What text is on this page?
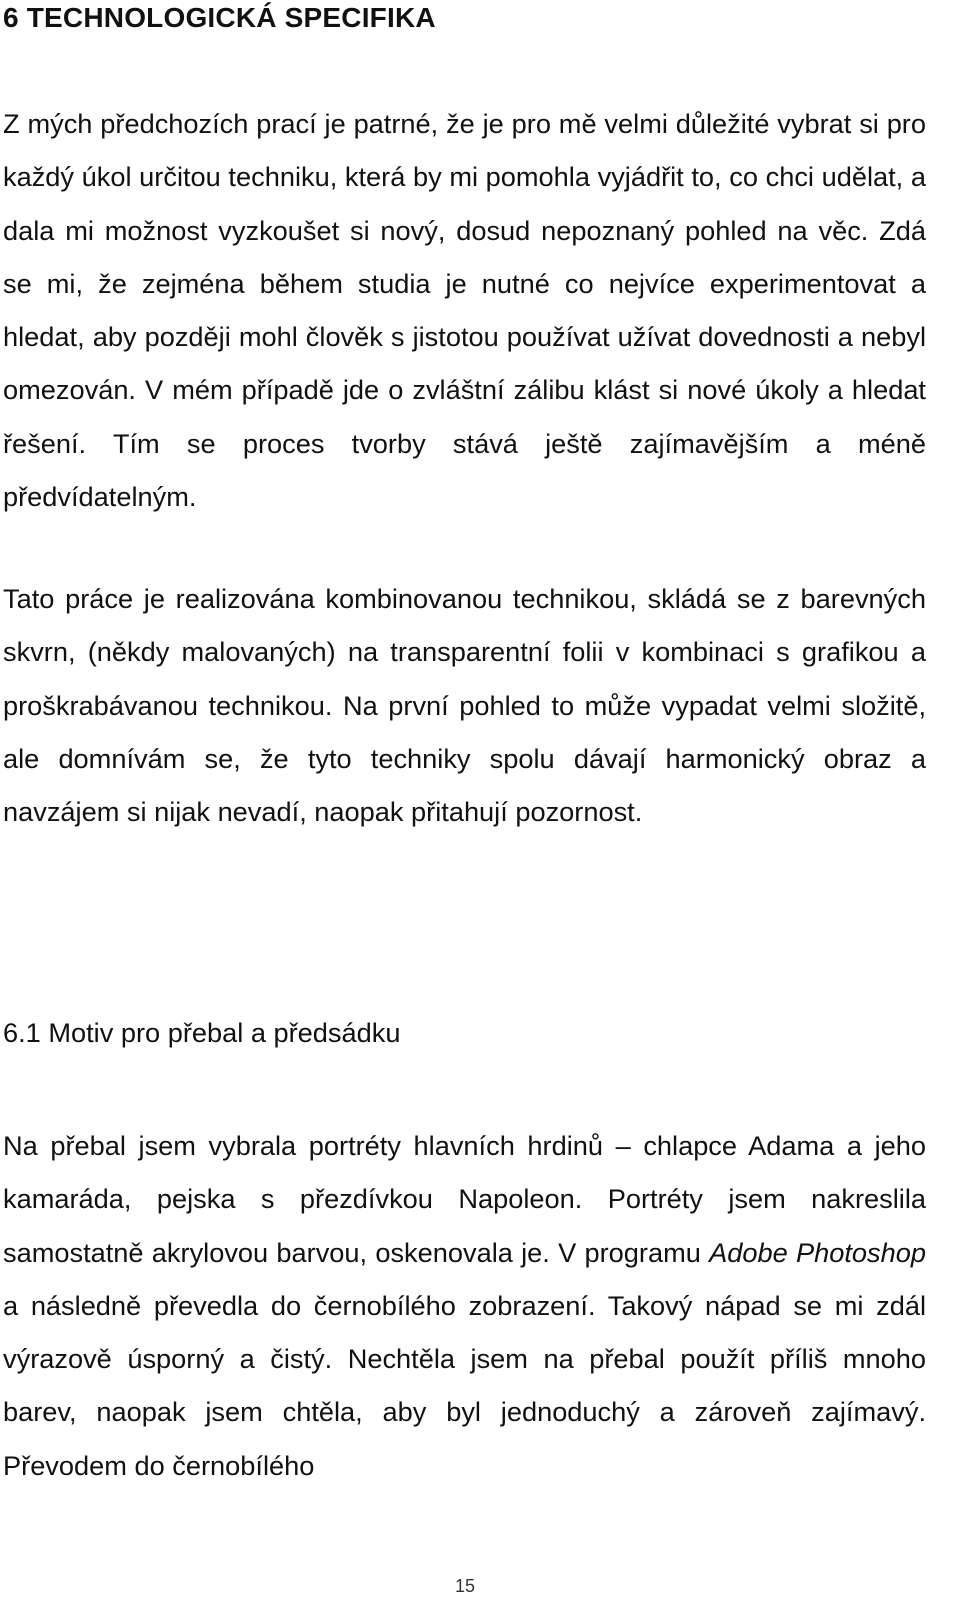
6 TECHNOLOGICKÁ SPECIFIKA

Z mých předchozích prací je patrné, že je pro mě velmi důležité vybrat si pro každý úkol určitou techniku, která by mi pomohla vyjádřit to, co chci udělat, a dala mi možnost vyzkoušet si nový, dosud nepoznaný pohled na věc. Zdá se mi, že zejména během studia je nutné co nejvíce experimentovat a hledat, aby později mohl člověk s jistotou používat užívat dovednosti a nebyl omezován. V mém případě jde o zvláštní zálibu klást si nové úkoly a hledat řešení. Tím se proces tvorby stává ještě zajímavějším a méně předvídatelným.

Tato práce je realizována kombinovanou technikou, skládá se z barevných skvrn, (někdy malovaných) na transparentní folii v kombinaci s grafikou a proškrabávanou technikou. Na první pohled to může vypadat velmi složitě, ale domnívám se, že tyto techniky spolu dávají harmonický obraz a navzájem si nijak nevadí, naopak přitahují pozornost.

6.1 Motiv pro přebal a předsádku

Na přebal jsem vybrala portréty hlavních hrdinů – chlapce Adama a jeho kamaráda, pejska s přezdívkou Napoleon. Portréty jsem nakreslila samostatně akrylovou barvou, oskenovala je. V programu Adobe Photoshop a následně převedla do černobílého zobrazení. Takový nápad se mi zdál výrazově úsporný a čistý. Nechtěla jsem na přebal použít příliš mnoho barev, naopak jsem chtěla, aby byl jednoduchý a zároveň zajímavý. Převodem do černobílého

15
